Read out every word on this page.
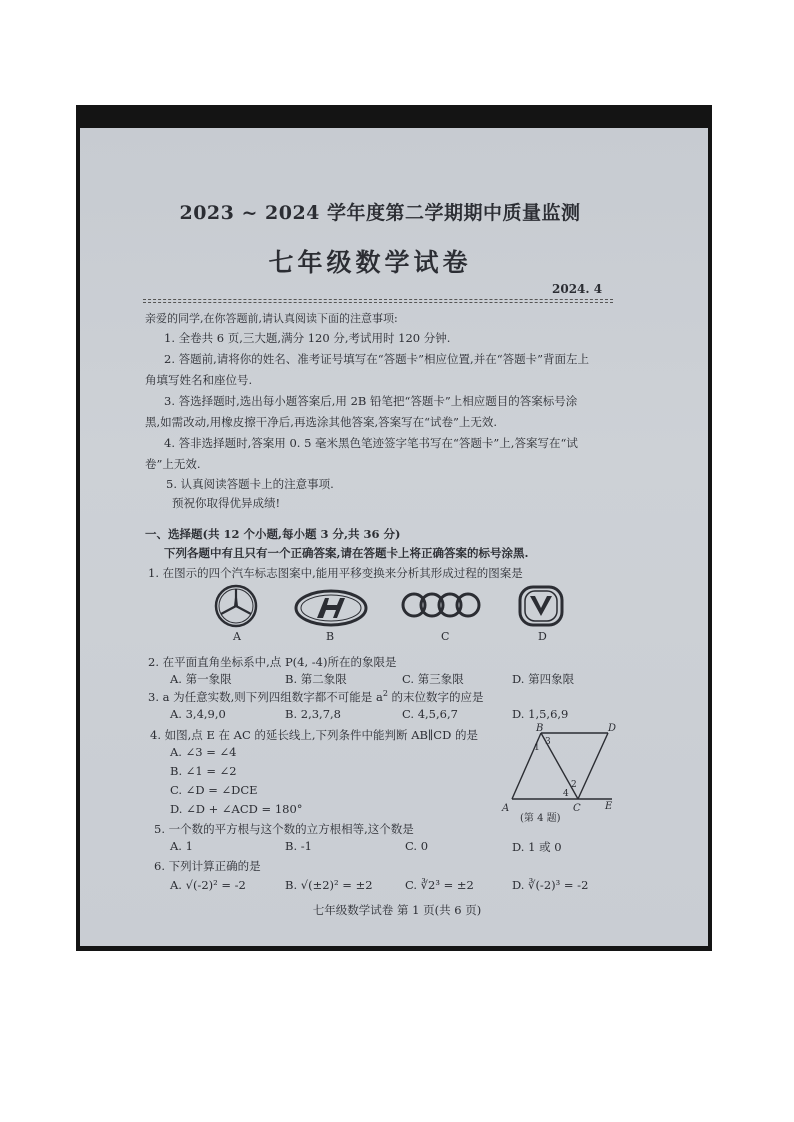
2023 ~ 2024 学年度第二学期期中质量监测
七年级数学试卷
2024. 4
亲爱的同学,在你答题前,请认真阅读下面的注意事项:
1. 全卷共 6 页,三大题,满分 120 分,考试用时 120 分钟.
2. 答题前,请将你的姓名、准考证号填写在“答题卡”相应位置,并在“答题卡”背面左上
角填写姓名和座位号.
3. 答选择题时,选出每小题答案后,用 2B 铅笔把“答题卡”上相应题目的答案标号涂
黑,如需改动,用橡皮擦干净后,再选涂其他答案,答案写在“试卷”上无效.
4. 答非选择题时,答案用 0. 5 毫米黑色笔迹签字笔书写在“答题卡”上,答案写在“试
卷”上无效.
5. 认真阅读答题卡上的注意事项.
预祝你取得优异成绩!
一、选择题(共 12 个小题,每小题 3 分,共 36 分)
下列各题中有且只有一个正确答案,请在答题卡上将正确答案的标号涂黑.
1. 在图示的四个汽车标志图案中,能用平移变换来分析其形成过程的图案是
A	B	C	D
2. 在平面直角坐标系中,点 P(4, -4)所在的象限是
A. 第一象限	B. 第二象限	C. 第三象限	D. 第四象限
3. a 为任意实数,则下列四组数字都不可能是 $a^2$ 的末位数字的应是
A. 3,4,9,0	B. 2,3,7,8	C. 4,5,6,7	D. 1,5,6,9
4. 如图,点 E 在 AC 的延长线上,下列条件中能判断 AB∥CD 的是
A. ∠3 = ∠4
B. ∠1 = ∠2
C. ∠D = ∠DCE
D. ∠D + ∠ACD = 180°
B	D
A	C E
1
2
3
4
(第 4 题)
5. 一个数的平方根与这个数的立方根相等,这个数是
A. 1	B. -1	C. 0	D. 1 或 0
6. 下列计算正确的是
A. √(-2)² = -2	B. √(±2)² = ±2	C. ∛2³ = ±2	D. ∛(-2)³ = -2
七年级数学试卷 第 1 页(共 6 页)
